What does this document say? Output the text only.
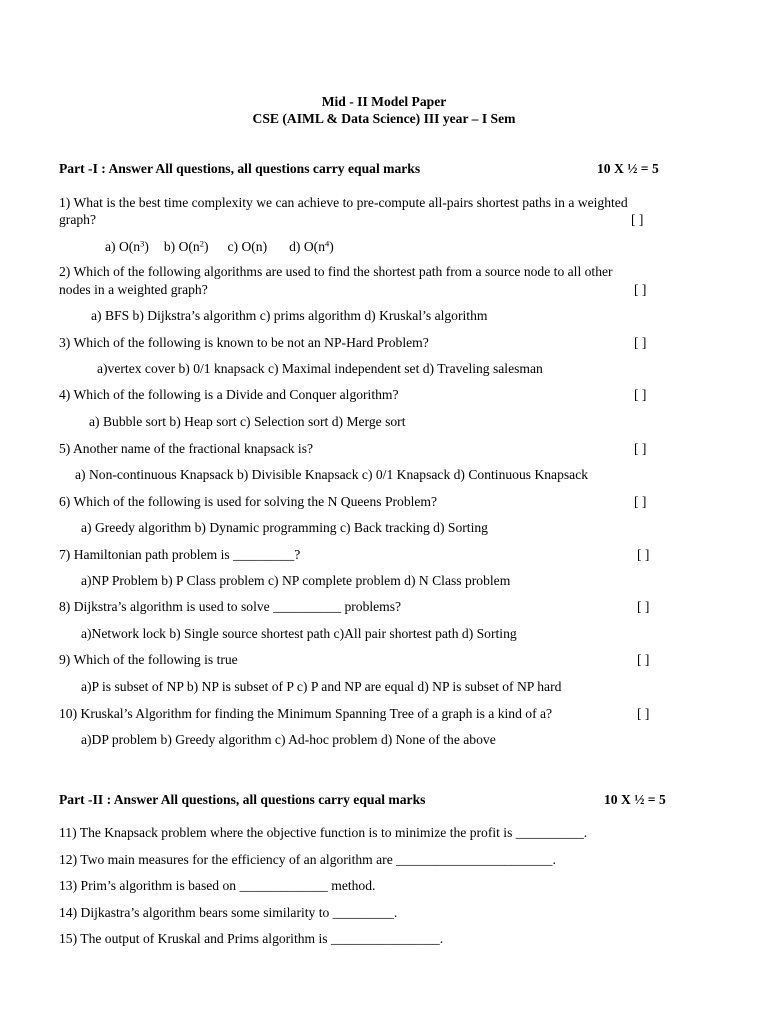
Mid - II Model Paper
CSE (AIML & Data Science) III year – I Sem
Part -I : Answer All questions, all questions carry equal marks	10 X ½ = 5
1) What is the best time complexity we can achieve to pre-compute all-pairs shortest paths in a weighted
graph?	[ ]
a) $O(n^3)$ b) $O(n^2)$ c) O(n) d) $O(n^4)$
2) Which of the following algorithms are used to find the shortest path from a source node to all other
nodes in a weighted graph?	[ ]
a) BFS b) Dijkstra’s algorithm c) prims algorithm d) Kruskal’s algorithm
3) Which of the following is known to be not an NP-Hard Problem?	[ ]
a)vertex cover b) 0/1 knapsack c) Maximal independent set d) Traveling salesman
4) Which of the following is a Divide and Conquer algorithm?	[ ]
a) Bubble sort b) Heap sort c) Selection sort d) Merge sort
5) Another name of the fractional knapsack is?	[ ]
a) Non-continuous Knapsack b) Divisible Knapsack c) 0/1 Knapsack d) Continuous Knapsack
6) Which of the following is used for solving the N Queens Problem?	[ ]
a) Greedy algorithm b) Dynamic programming c) Back tracking d) Sorting
7) Hamiltonian path problem is _________?	[ ]
a)NP Problem b) P Class problem c) NP complete problem d) N Class problem
8) Dijkstra’s algorithm is used to solve __________ problems?	[ ]
a)Network lock b) Single source shortest path c)All pair shortest path d) Sorting
9) Which of the following is true	[ ]
a)P is subset of NP b) NP is subset of P c) P and NP are equal d) NP is subset of NP hard
10) Kruskal’s Algorithm for finding the Minimum Spanning Tree of a graph is a kind of a?	[ ]
a)DP problem b) Greedy algorithm c) Ad-hoc problem d) None of the above
Part -II : Answer All questions, all questions carry equal marks	10 X ½ = 5
11) The Knapsack problem where the objective function is to minimize the profit is __________.
12) Two main measures for the efficiency of an algorithm are _______________________.
13) Prim’s algorithm is based on _____________ method.
14) Dijkastra’s algorithm bears some similarity to _________.
15) The output of Kruskal and Prims algorithm is ________________.
